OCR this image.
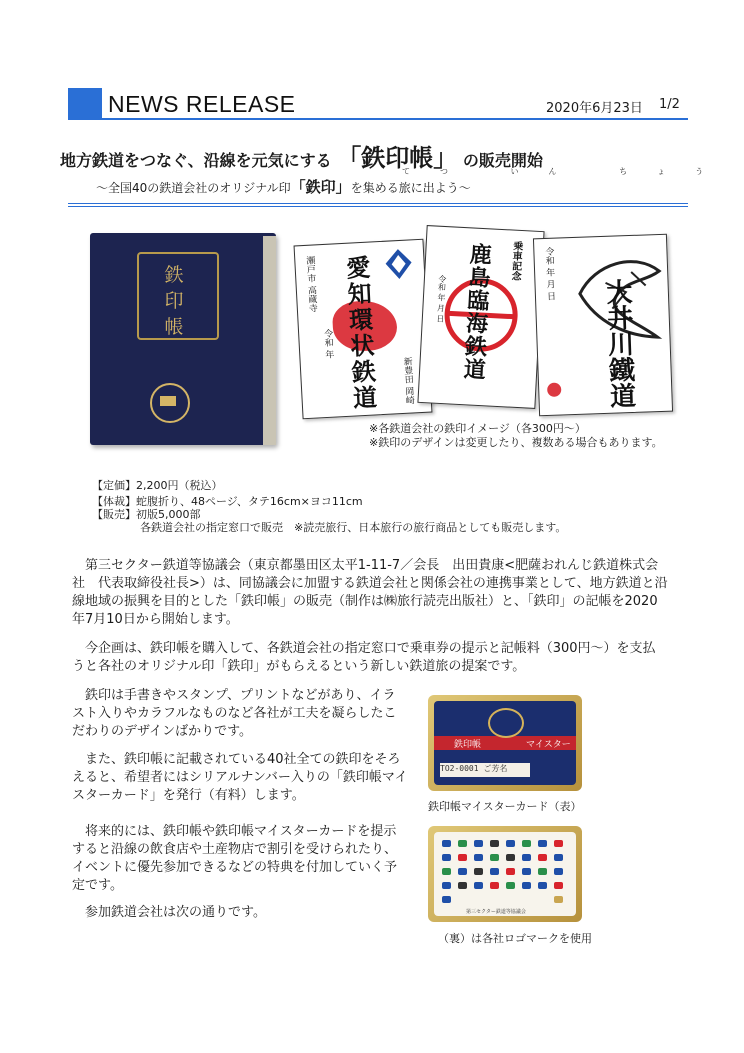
NEWS RELEASE	2020年6月23日 1/2
地方鉄道をつなぐ、沿線を元気にする 「鉄印帳」 の販売開始
てつ いん ちょう
～全国40の鉄道会社のオリジナル印「鉄印」を集める旅に出よう～
鉄印帳	愛知環状鉄道
瀬戸市 高蔵寺
令和 年
新豊田 岡崎
乗車記念
鹿島臨海鉄道
令和 年 月 日	大井川鐵道
令和 年 月 日
※各鉄道会社の鉄印イメージ（各300円～）
※鉄印のデザインは変更したり、複数ある場合もあります。
【定価】2,200円（税込）
【体裁】蛇腹折り、48ページ、タテ16cm×ヨコ11cm
【販売】初版5,000部
各鉄道会社の指定窓口で販売　※読売旅行、日本旅行の旅行商品としても販売します。
第三セクター鉄道等協議会（東京都墨田区太平1-11-7／会長　出田貴康<肥薩おれんじ鉄道株式会社　代表取締役社長>）は、同協議会に加盟する鉄道会社と関係会社の連携事業として、地方鉄道と沿線地域の振興を目的とした「鉄印帳」の販売（制作は㈱旅行読売出版社）と、「鉄印」の記帳を2020年7月10日から開始します。
今企画は、鉄印帳を購入して、各鉄道会社の指定窓口で乗車券の提示と記帳料（300円～）を支払うと各社のオリジナル印「鉄印」がもらえるという新しい鉄道旅の提案です。
鉄印は手書きやスタンプ、プリントなどがあり、イラスト入りやカラフルなものなど各社が工夫を凝らしたこだわりのデザインばかりです。
また、鉄印帳に記載されている40社全ての鉄印をそろえると、希望者にはシリアルナンバー入りの「鉄印帳マイスターカード」を発行（有料）します。
将来的には、鉄印帳や鉄印帳マイスターカードを提示すると沿線の飲食店や土産物店で割引を受けられたり、イベントに優先参加できるなどの特典を付加していく予定です。
参加鉄道会社は次の通りです。
鉄印帳	マイスター
TO2-0001 ご芳名
鉄印帳マイスターカード（表）
第三セクター鉄道等協議会
（裏）は各社ロゴマークを使用
